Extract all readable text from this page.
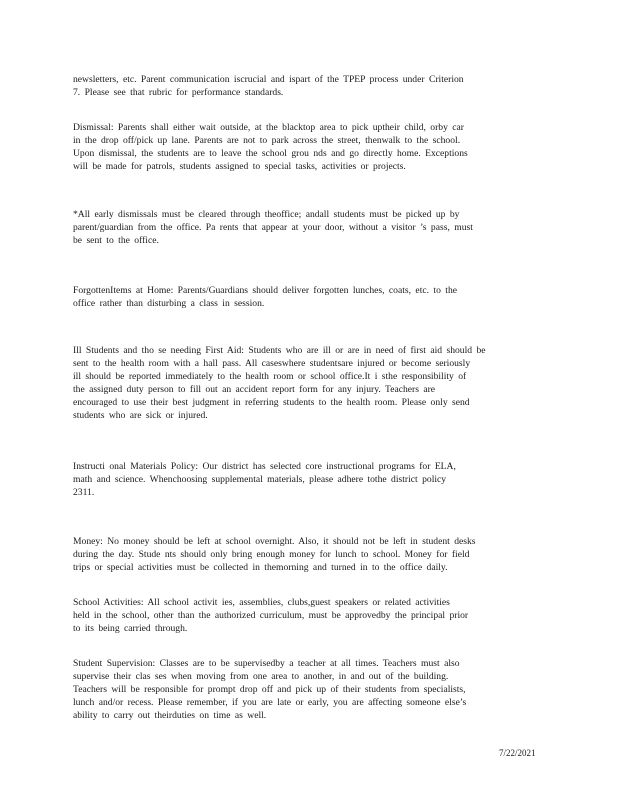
newsletters, etc. Parent communication iscrucial and ispart of the TPEP process under Criterion
7. Please see that rubric for performance standards.

Dismissal: Parents shall either wait outside, at the blacktop area to pick uptheir child, orby car
in the drop off/pick up lane. Parents are not to park across the street, thenwalk to the school.
Upon dismissal, the students are to leave the school grou nds and go directly home. Exceptions
will be made for patrols, students assigned to special tasks, activities or projects.

*All early dismissals must be cleared through theoffice; andall students must be picked up by
parent/guardian from the office. Pa rents that appear at your door, without a visitor ’s pass, must
be sent to the office.

ForgottenItems at Home: Parents/Guardians should deliver forgotten lunches, coats, etc. to the
office rather than disturbing a class in session.

Ill Students and tho se needing First Aid: Students who are ill or are in need of first aid should be
sent to the health room with a hall pass. All caseswhere studentsare injured or become seriously
ill should be reported immediately to the health room or school office.It i sthe responsibility of
the assigned duty person to fill out an accident report form for any injury. Teachers are
encouraged to use their best judgment in referring students to the health room. Please only send
students who are sick or injured.

Instructi onal Materials Policy: Our district has selected core instructional programs for ELA,
math and science. Whenchoosing supplemental materials, please adhere tothe district policy
2311.

Money: No money should be left at school overnight. Also, it should not be left in student desks
during the day. Stude nts should only bring enough money for lunch to school. Money for field
trips or special activities must be collected in themorning and turned in to the office daily.

School Activities: All school activit ies, assemblies, clubs,guest speakers or related activities
held in the school, other than the authorized curriculum, must be approvedby the principal prior
to its being carried through.

Student Supervision: Classes are to be supervisedby a teacher at all times. Teachers must also
supervise their clas ses when moving from one area to another, in and out of the building.
Teachers will be responsible for prompt drop off and pick up of their students from specialists,
lunch and/or recess. Please remember, if you are late or early, you are affecting someone else’s
ability to carry out theirduties on time as well.

7/22/2021
